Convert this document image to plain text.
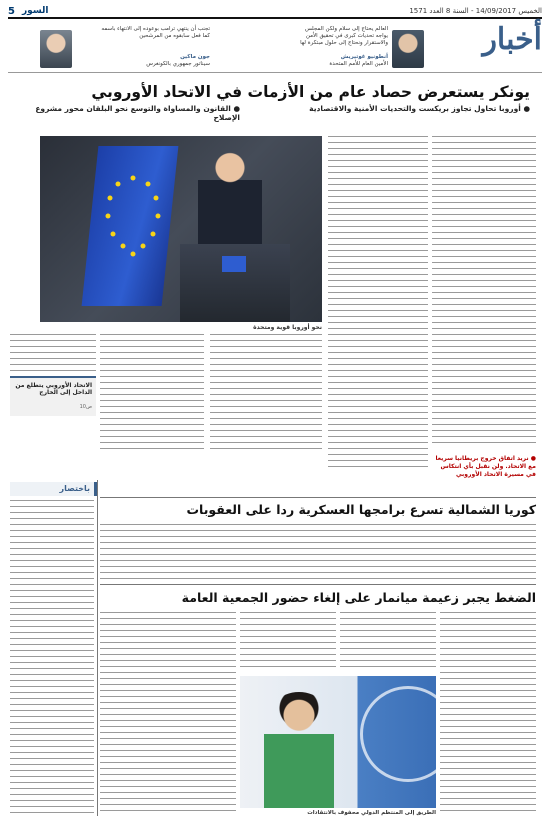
5 السور	الخميس 14/09/2017 - السنة 8 العدد 1571
أخبار
العالم يحتاج إلى سلام ولكن المجلس يواجه تحديات كبرى في تحقيق الأمن والاستقرار ونحتاج إلى حلول مبتكرة لها
أنطونيو غوتيريش
الأمين العام للأمم المتحدة
تجنب أن ينتهي ترامب بوعوده إلى الانتهاء باسمه كما فعل سابقوه من المرشحين
جون ماكين
سيناتور جمهوري بالكونغرس
يونكر يستعرض حصاد عام من الأزمات في الاتحاد الأوروبي
● أوروبا تحاول تجاوز بريكست والتحديات الأمنية والاقتصادية
● القانون والمساواة والتوسع نحو البلقان محور مشروع الإصلاح
نحو أوروبا قوية ومتحدة
● نريد اتفاق خروج بريطانيا سريعا مع الاتحاد. ولن نقبل بأي انتكاس في مسيرة الاتحاد الأوروبي
الاتحاد الأوروبي يتطلع من الداخل إلى الخارج
ص10
باختصار
كوريا الشمالية تسرع برامجها العسكرية ردا على العقوبات
الضغط يجبر زعيمة ميانمار على إلغاء حضور الجمعية العامة
الطريق إلى المنتظم الدولي محفوف بالانتقادات
